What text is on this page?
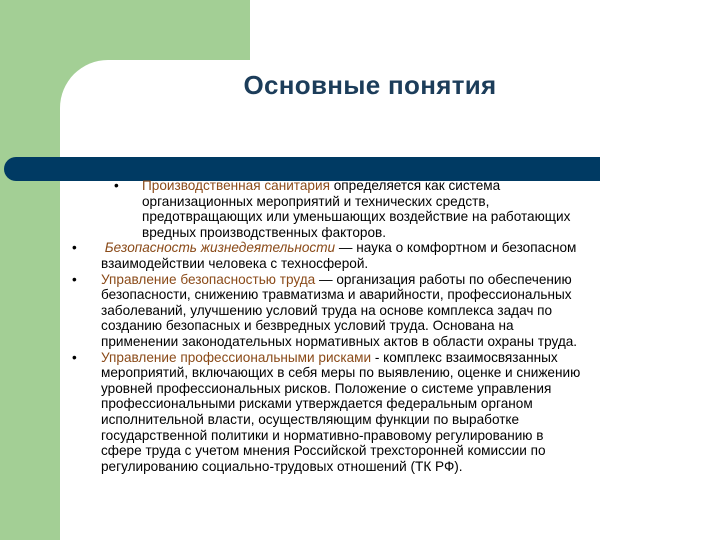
Основные понятия
• Производственная санитария определяется как система
организационных мероприятий и технических средств,
предотвращающих или уменьшающих воздействие на работающих
вредных производственных факторов.
• Безопасность жизнедеятельности — наука о комфортном и безопасном
взаимодействии человека с техносферой.
• Управление безопасностью труда — организация работы по обеспечению
безопасности, снижению травматизма и аварийности, профессиональных
заболеваний, улучшению условий труда на основе комплекса задач по
созданию безопасных и безвредных условий труда. Основана на
применении законодательных нормативных актов в области охраны труда.
• Управление профессиональными рисками - комплекс взаимосвязанных
мероприятий, включающих в себя меры по выявлению, оценке и снижению
уровней профессиональных рисков. Положение о системе управления
профессиональными рисками утверждается федеральным органом
исполнительной власти, осуществляющим функции по выработке
государственной политики и нормативно-правовому регулированию в
сфере труда с учетом мнения Российской трехсторонней комиссии по
регулированию социально-трудовых отношений (ТК РФ).
